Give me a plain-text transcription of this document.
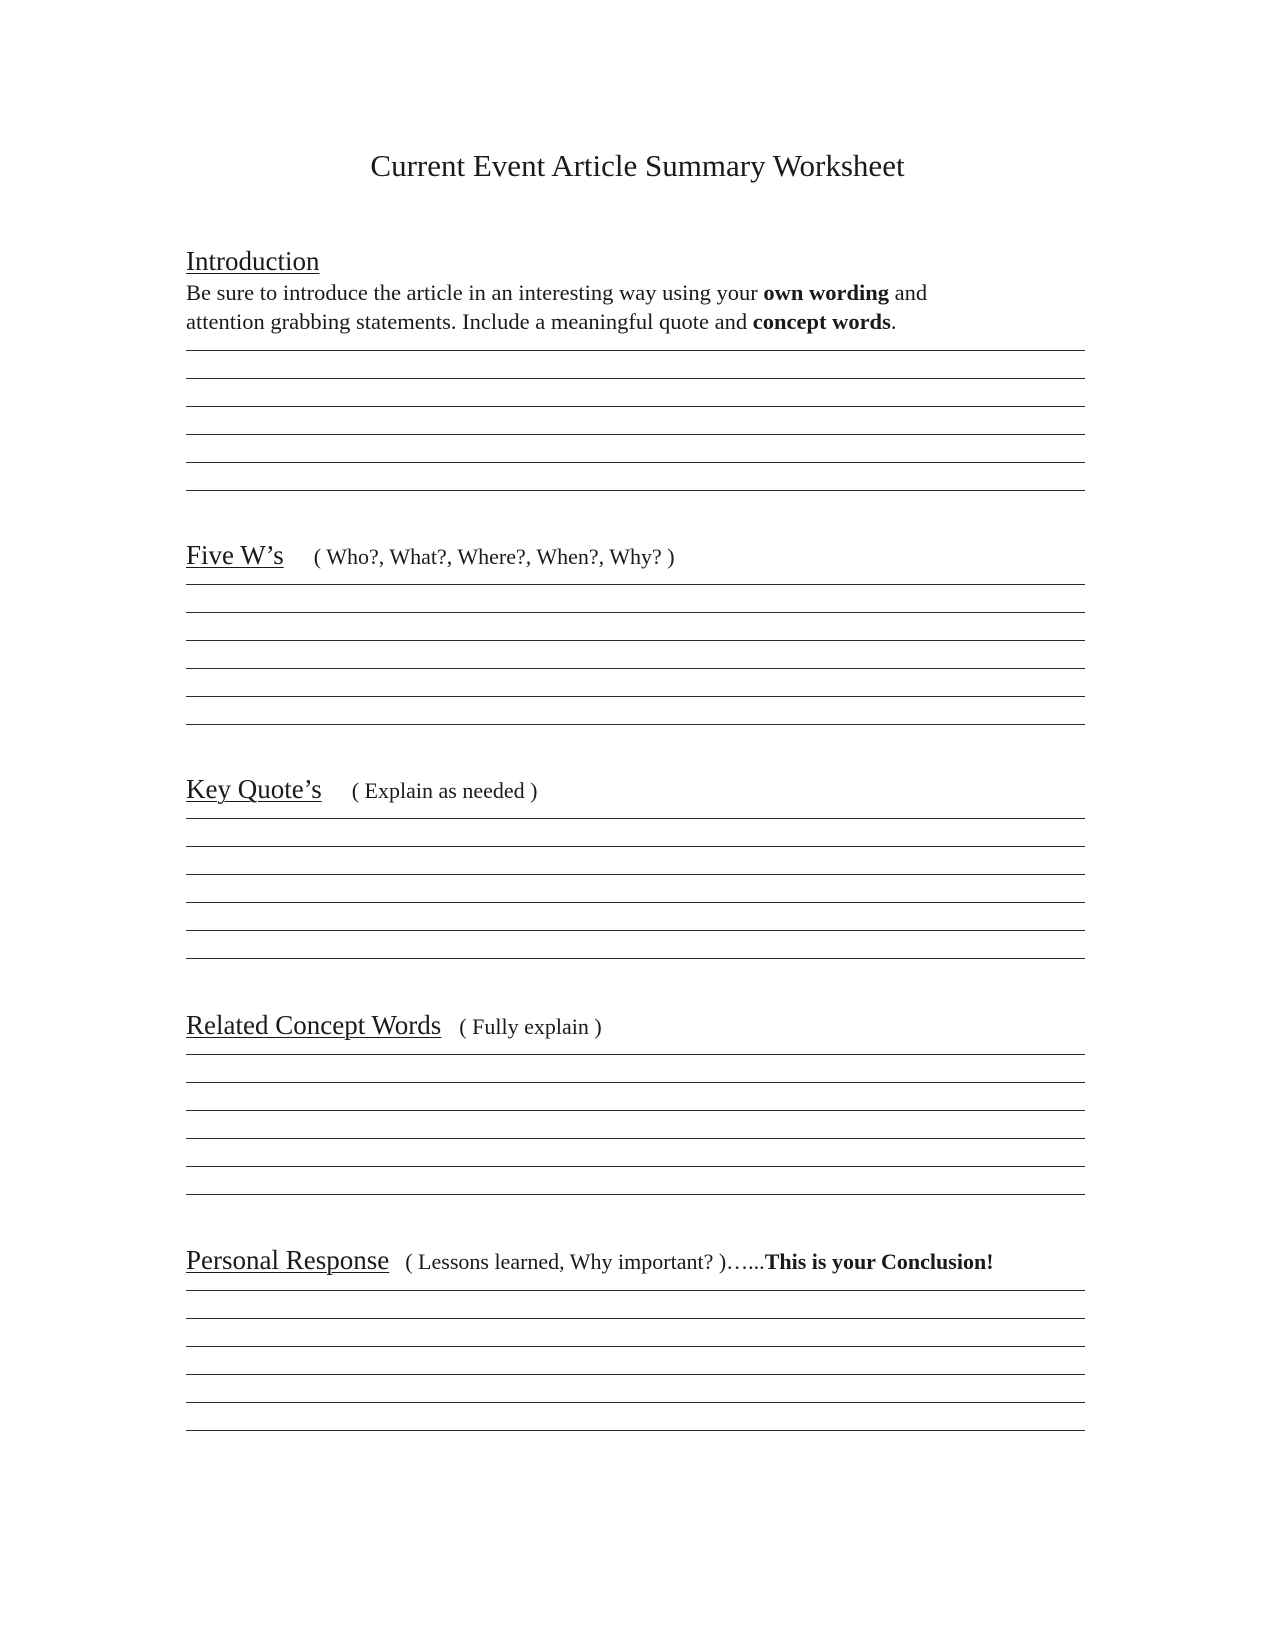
Current Event Article Summary Worksheet
Introduction
Be sure to introduce the article in an interesting way using your own wording and
attention grabbing statements. Include a meaningful quote and concept words.
Five W’s ( Who?, What?, Where?, When?, Why? )
Key Quote’s ( Explain as needed )
Related Concept Words ( Fully explain )
Personal Response ( Lessons learned, Why important? )…...This is your Conclusion!
